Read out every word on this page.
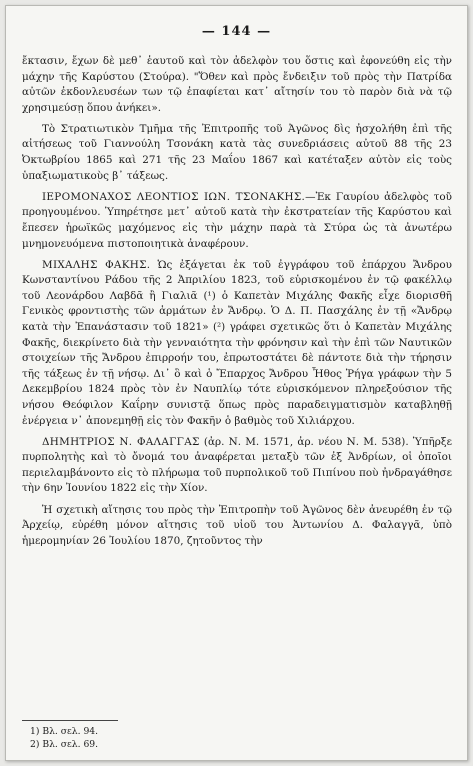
— 144 —

ἔκτασιν, ἔχων δὲ μεθ᾽ ἑαυτοῦ καὶ τὸν ἀδελφὸν του ὅστις καὶ ἐφονεύθη εἰς τὴν μάχην τῆς Καρύστου (Στούρα). "Ὅθεν καὶ πρὸς ἔνδειξιν τοῦ πρὸς τὴν Πατρίδα αὐτῶν ἐκδονλευσέων των τῷ ἐπαφίεται κατ᾽ αἴτησίν του τὸ παρὸν διὰ νὰ τῷ χρησιμεύσῃ ὅπου ἀνήκει».

Τὸ Στρατιωτικὸν Τμῆμα τῆς Ἐπιτροπῆς τοῦ Ἀγῶνος δὶς ἠσχολήθη ἐπὶ τῆς αἰτήσεως τοῦ Γιαννούλη Τσονάκη κατὰ τὰς συνεδριάσεις αὐτοῦ 88 τῆς 23 Ὀκτωβρίου 1865 καὶ 271 τῆς 23 Μαΐου 1867 καὶ κατέταξεν αὐτὸν εἰς τοὺς ὑπαξιωματικοὺς β᾽ τάξεως.

ΙΕΡΟΜΟΝΑΧΟΣ ΛΕΟΝΤΙΟΣ ΙΩΝ. ΤΣΟΝΑΚΗΣ.—Ἐκ Γαυρίου ἀδελφὸς τοῦ προηγουμένου. Ὑπηρέτησε μετ᾽ αὐτοῦ κατὰ τὴν ἐκστρατείαν τῆς Καρύστου καὶ ἔπεσεν ἡρωϊκῶς μαχόμενος εἰς τὴν μάχην παρὰ τὰ Στύρα ὡς τὰ ἀνωτέρω μνημονευόμενα πιστοποιητικὰ ἀναφέρουν.

ΜΙΧΑΛΗΣ ΦΑΚΗΣ. Ὡς ἐξάγεται ἐκ τοῦ ἐγγράφου τοῦ ἐπάρχου Ἄνδρου Κωνσταντίνου Ράδου τῆς 2 Ἀπριλίου 1823, τοῦ εὑρισκομένου ἐν τῷ φακέλλῳ τοῦ Λεονάρδου Λαβδᾶ ἢ Γιαλιᾶ (¹) ὁ Καπετὰν Μιχάλης Φακῆς εἶχε διορισθῆ Γενικὸς φροντιστὴς τῶν ἁρμάτων ἐν Ἄνδρῳ. Ὁ Δ. Π. Πασχάλης ἐν τῇ «Ἄνδρῳ κατὰ τὴν Ἐπανάστασιν τοῦ 1821» (²) γράφει σχετικῶς ὅτι ὁ Καπετὰν Μιχάλης Φακῆς, διεκρίνετο διὰ τὴν γενναιότητα τὴν φρόνησιν καὶ τὴν ἐπὶ τῶν Ναυτικῶν στοιχείων τῆς Ἄνδρου ἐπιρροήν του, ἐπρωτοστάτει δὲ πάντοτε διὰ τὴν τήρησιν τῆς τάξεως ἐν τῇ νήσῳ. Δι᾽ ὃ καὶ ὁ Ἔπαρχος Ἄνδρου Ἦθος Ῥήγα γράφων τὴν 5 Δεκεμβρίου 1824 πρὸς τὸν ἐν Ναυπλίῳ τότε εὑρισκόμενον πληρεξούσιον τῆς νήσου Θεόφιλον Καΐρην συνιστᾷ ὅπως πρὸς παραδειγματισμὸν καταβληθῇ ἐνέργεια ν᾽ ἀπονεμηθῇ εἰς τὸν Φακῆν ὁ βαθμὸς τοῦ Χιλιάρχου.

ΔΗΜΗΤΡΙΟΣ Ν. ΦΑΛΑΓΓΑΣ (ἀρ. Ν. Μ. 1571, ἀρ. νέου Ν. Μ. 538). Ὑπῆρξε πυρπολητὴς καὶ τὸ ὄνομά του ἀναφέρεται μεταξὺ τῶν ἐξ Ἀνδρίων, οἱ ὁποῖοι περιελαμβάνοντο εἰς τὸ πλήρωμα τοῦ πυρπολικοῦ τοῦ Πιπίνου ποὺ ἠνδραγάθησε τὴν 6ην Ἰουνίου 1822 εἰς τὴν Χίον.

Ἡ σχετικὴ αἴτησις του πρὸς τὴν Ἐπιτροπὴν τοῦ Ἀγῶνος δὲν ἀνευρέθη ἐν τῷ Ἀρχείῳ, εὑρέθη μόνον αἴτησις τοῦ υἱοῦ του Ἀντωνίου Δ. Φαλαγγᾶ, ὑπὸ ἡμερομηνίαν 26 Ἰουλίου 1870, ζητοῦντος τὴν

1) Βλ. σελ. 94.
2) Βλ. σελ. 69.
